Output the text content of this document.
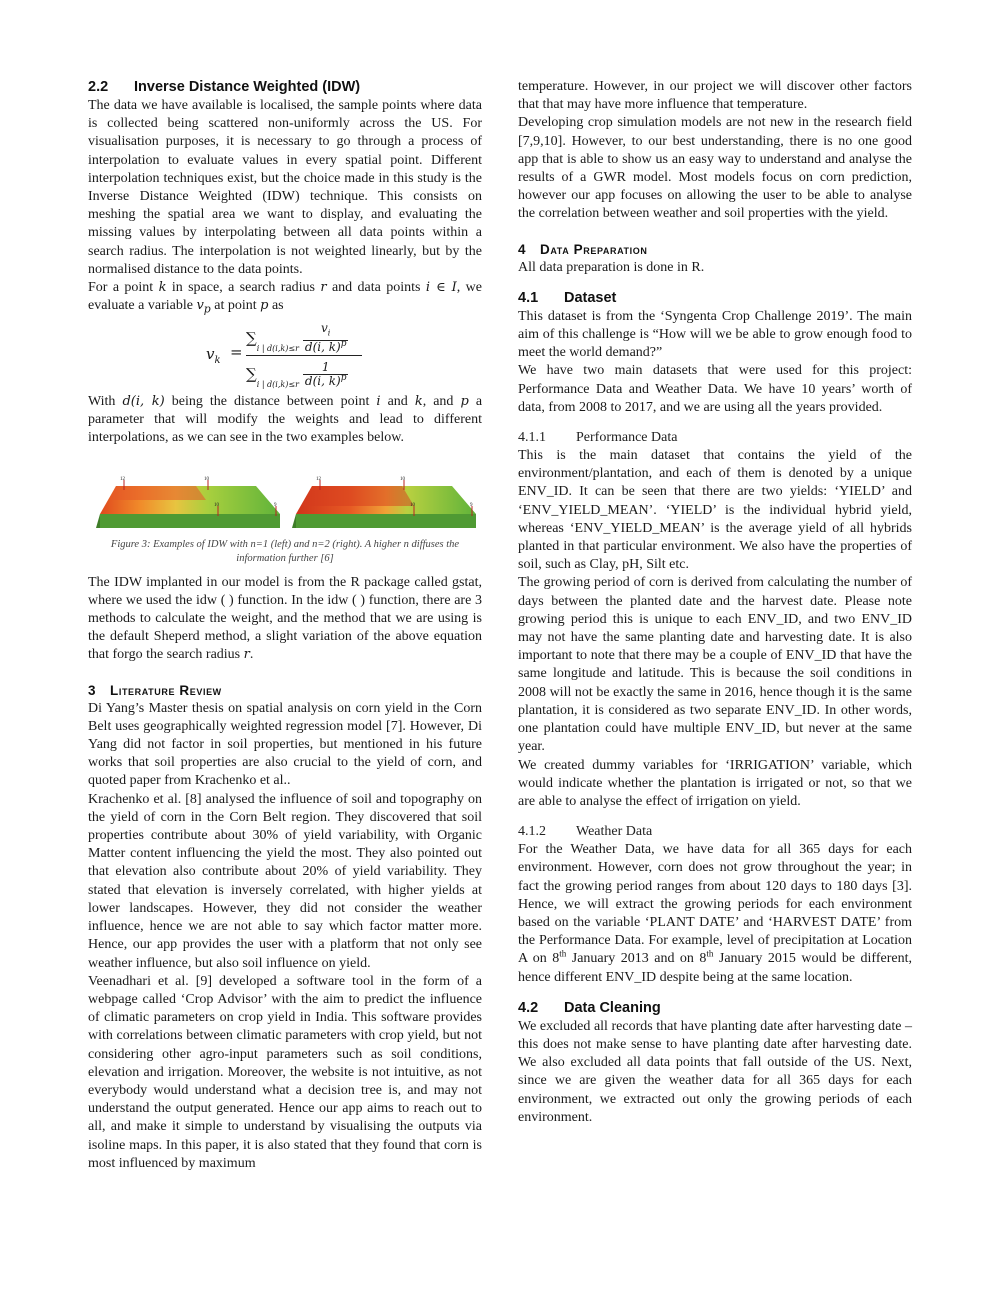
2.2 Inverse Distance Weighted (IDW)

The data we have available is localised, the sample points where data is collected being scattered non-uniformly across the US. For visualisation purposes, it is necessary to go through a process of interpolation to evaluate values in every spatial point. Different interpolation techniques exist, but the choice made in this study is the Inverse Distance Weighted (IDW) technique. This consists on meshing the spatial area we want to display, and evaluating the missing values by interpolating between all data points within a search radius. The interpolation is not weighted linearly, but by the normalised distance to the data points.

For a point k in space, a search radius r and data points i ∈ I, we evaluate a variable $v_p$ at point p as

$v_k$ =
∑
i | $d(i,k)\le r \frac{v_i}{d(i, k)^p}$
∑
i | $d(i,k)\le r \frac{1}{d(i, k)^p}$

With d(i, k) being the distance between point i and k, and p a parameter that will modify the weights and lead to different interpolations, as we can see in the two examples below.

12	10
10	9
12	10
10	9

Figure 3: Examples of IDW with n=1 (left) and n=2 (right). A higher n diffuses the information further [6]

The IDW implanted in our model is from the R package called gstat, where we used the idw ( ) function. In the idw ( ) function, there are 3 methods to calculate the weight, and the method that we are using is the default Sheperd method, a slight variation of the above equation that forgo the search radius r.

3 Literature Review

Di Yang’s Master thesis on spatial analysis on corn yield in the Corn Belt uses geographically weighted regression model [7]. However, Di Yang did not factor in soil properties, but mentioned in his future works that soil properties are also crucial to the yield of corn, and quoted paper from Krachenko et al..

Krachenko et al. [8] analysed the influence of soil and topography on the yield of corn in the Corn Belt region. They discovered that soil properties contribute about 30% of yield variability, with Organic Matter content influencing the yield the most. They also pointed out that elevation also contribute about 20% of yield variability. They stated that elevation is inversely correlated, with higher yields at lower landscapes. However, they did not consider the weather influence, hence we are not able to say which factor matter more. Hence, our app provides the user with a platform that not only see weather influence, but also soil influence on yield.

Veenadhari et al. [9] developed a software tool in the form of a webpage called ‘Crop Advisor’ with the aim to predict the influence of climatic parameters on crop yield in India. This software provides with correlations between climatic parameters with crop yield, but not considering other agro-input parameters such as soil conditions, elevation and irrigation. Moreover, the website is not intuitive, as not everybody would understand what a decision tree is, and may not understand the output generated. Hence our app aims to reach out to all, and make it simple to understand by visualising the outputs via isoline maps. In this paper, it is also stated that they found that corn is most influenced by maximum

temperature. However, in our project we will discover other factors that that may have more influence that temperature.

Developing crop simulation models are not new in the research field [7,9,10]. However, to our best understanding, there is no one good app that is able to show us an easy way to understand and analyse the results of a GWR model. Most models focus on corn prediction, however our app focuses on allowing the user to be able to analyse the correlation between weather and soil properties with the yield.

4 Data Preparation

All data preparation is done in R.

4.1 Dataset

This dataset is from the ‘Syngenta Crop Challenge 2019’. The main aim of this challenge is “How will we be able to grow enough food to meet the world demand?”

We have two main datasets that were used for this project: Performance Data and Weather Data. We have 10 years’ worth of data, from 2008 to 2017, and we are using all the years provided.

4.1.1 Performance Data

This is the main dataset that contains the yield of the environment/plantation, and each of them is denoted by a unique ENV_ID. It can be seen that there are two yields: ‘YIELD’ and ‘ENV_YIELD_MEAN’. ‘YIELD’ is the individual hybrid yield, whereas ‘ENV_YIELD_MEAN’ is the average yield of all hybrids planted in that particular environment. We also have the properties of soil, such as Clay, pH, Silt etc.

The growing period of corn is derived from calculating the number of days between the planted date and the harvest date. Please note growing period this is unique to each ENV_ID, and two ENV_ID may not have the same planting date and harvesting date. It is also important to note that there may be a couple of ENV_ID that have the same longitude and latitude. This is because the soil conditions in 2008 will not be exactly the same in 2016, hence though it is the same plantation, it is considered as two separate ENV_ID. In other words, one plantation could have multiple ENV_ID, but never at the same year.

We created dummy variables for ‘IRRIGATION’ variable, which would indicate whether the plantation is irrigated or not, so that we are able to analyse the effect of irrigation on yield.

4.1.2 Weather Data

For the Weather Data, we have data for all 365 days for each environment. However, corn does not grow throughout the year; in fact the growing period ranges from about 120 days to 180 days [3]. Hence, we will extract the growing periods for each environment based on the variable ‘PLANT DATE’ and ‘HARVEST DATE’ from the Performance Data. For example, level of precipitation at Location A on 8th January 2013 and on 8th January 2015 would be different, hence different ENV_ID despite being at the same location.

4.2 Data Cleaning

We excluded all records that have planting date after harvesting date – this does not make sense to have planting date after harvesting date. We also excluded all data points that fall outside of the US. Next, since we are given the weather data for all 365 days for each environment, we extracted out only the growing periods of each environment.
